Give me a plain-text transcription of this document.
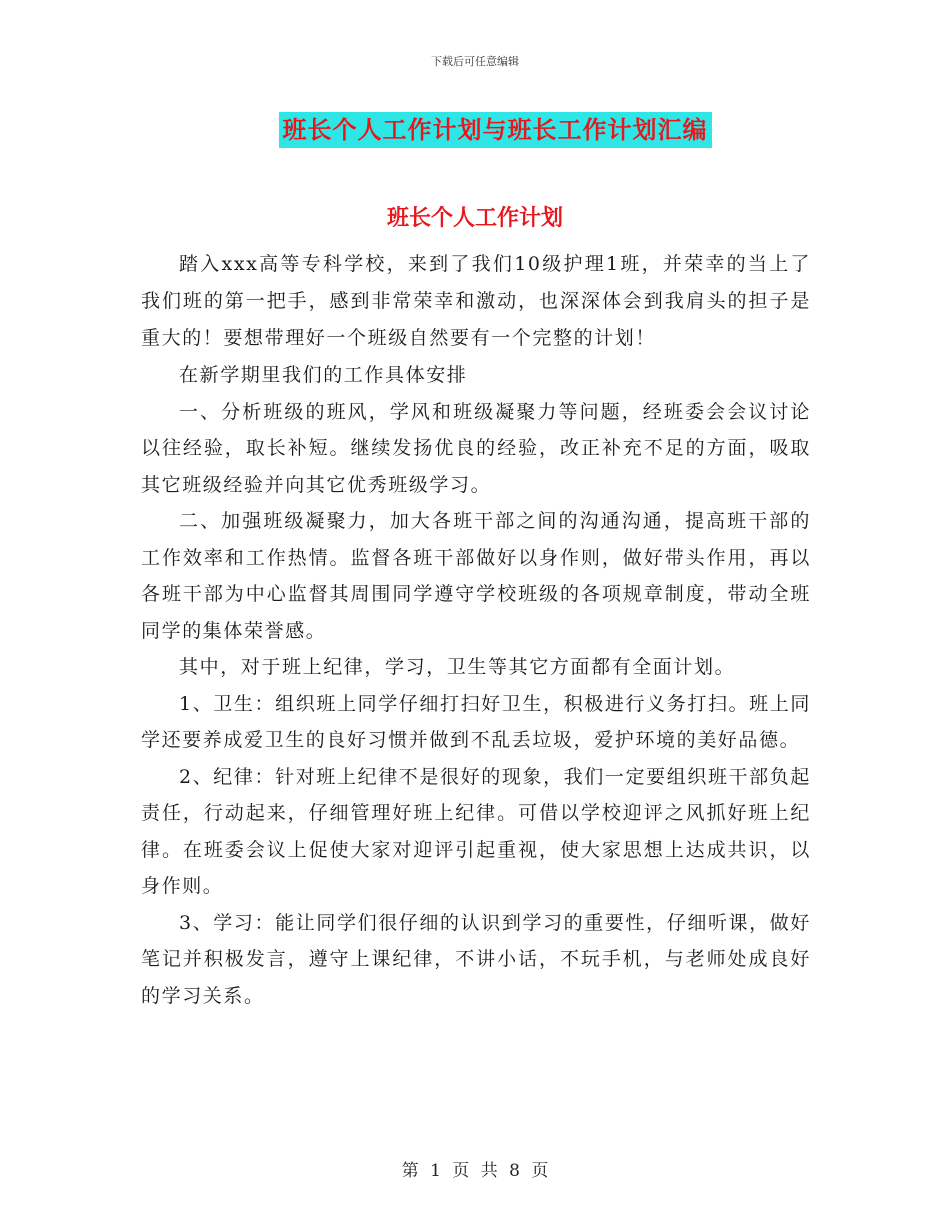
下载后可任意编辑
班长个人工作计划与班长工作计划汇编
班长个人工作计划

踏入xxx高等专科学校，来到了我们10级护理1班，并荣幸的当上了我们班的第一把手，感到非常荣幸和激动，也深深体会到我肩头的担子是重大的！要想带理好一个班级自然要有一个完整的计划！

在新学期里我们的工作具体安排

一、分析班级的班风，学风和班级凝聚力等问题，经班委会会议讨论以往经验，取长补短。继续发扬优良的经验，改正补充不足的方面，吸取其它班级经验并向其它优秀班级学习。

二、加强班级凝聚力，加大各班干部之间的沟通沟通，提高班干部的工作效率和工作热情。监督各班干部做好以身作则，做好带头作用，再以各班干部为中心监督其周围同学遵守学校班级的各项规章制度，带动全班同学的集体荣誉感。

其中，对于班上纪律，学习，卫生等其它方面都有全面计划。

1、卫生：组织班上同学仔细打扫好卫生，积极进行义务打扫。班上同学还要养成爱卫生的良好习惯并做到不乱丢垃圾，爱护环境的美好品德。

2、纪律：针对班上纪律不是很好的现象，我们一定要组织班干部负起责任，行动起来，仔细管理好班上纪律。可借以学校迎评之风抓好班上纪律。在班委会议上促使大家对迎评引起重视，使大家思想上达成共识，以身作则。

3、学习：能让同学们很仔细的认识到学习的重要性，仔细听课，做好笔记并积极发言，遵守上课纪律，不讲小话，不玩手机，与老师处成良好的学习关系。

第 1 页 共 8 页
